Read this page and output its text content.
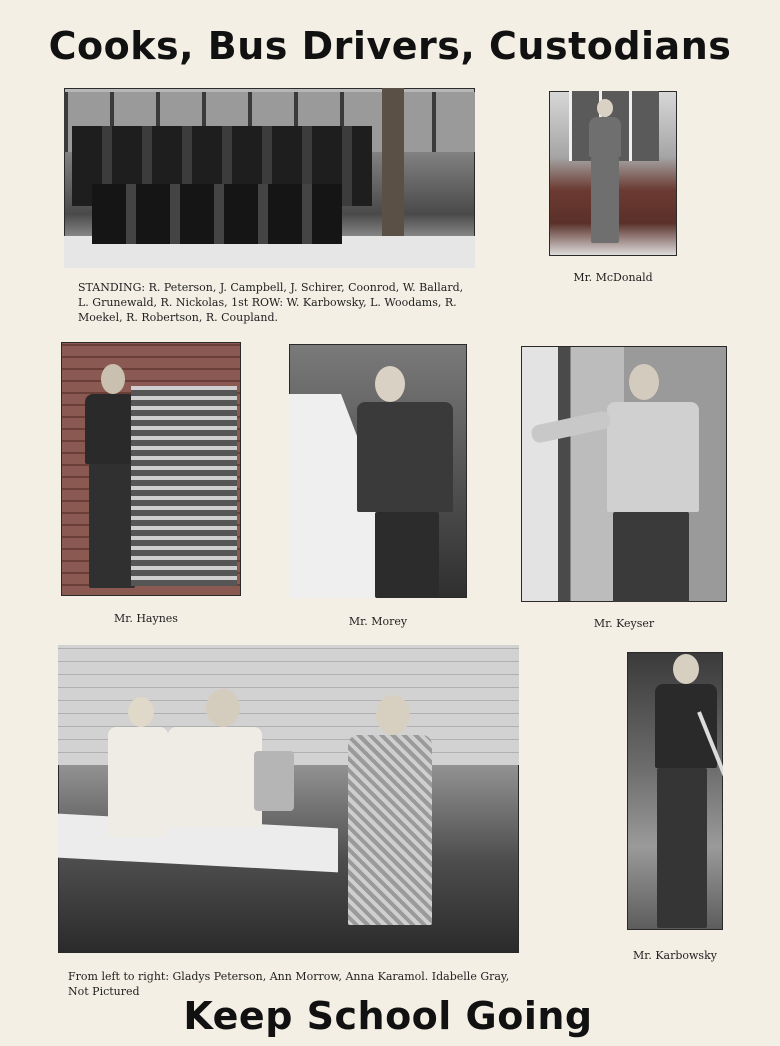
Cooks, Bus Drivers, Custodians
STANDING: R. Peterson, J. Campbell, J. Schirer, Coonrod, W. Ballard, L. Grunewald, R. Nickolas, 1st ROW: W. Karbowsky, L. Woodams, R. Moekel, R. Robertson, R. Coupland.
Mr. McDonald
Mr. Haynes	Mr. Morey	Mr. Keyser
From left to right: Gladys Peterson, Ann Morrow, Anna Karamol. Idabelle Gray, Not Pictured
Mr. Karbowsky
Keep School Going
